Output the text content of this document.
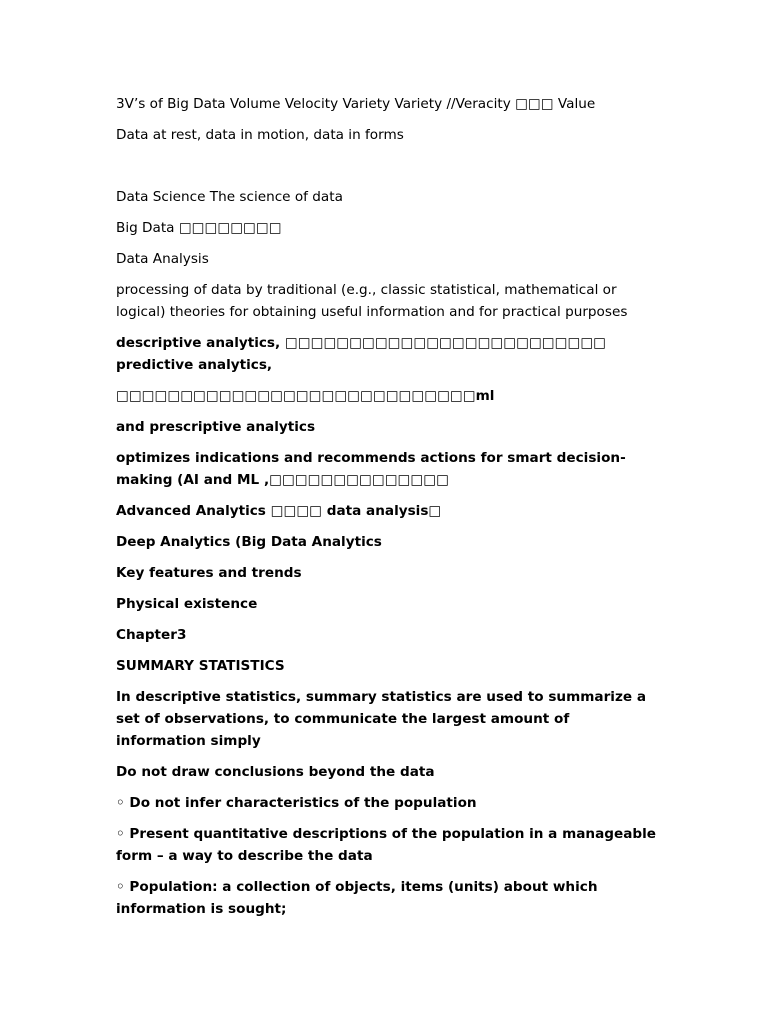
3V’s of Big Data Volume Velocity Variety Variety //Veracity □□□ Value

Data at rest, data in motion, data in forms

Data Science The science of data

Big Data □□□□□□□□

Data Analysis

processing of data by traditional (e.g., classic statistical, mathematical or logical) theories for obtaining useful information and for practical purposes

descriptive analytics, □□□□□□□□□□□□□□□□□□□□□□□□□ predictive analytics,

□□□□□□□□□□□□□□□□□□□□□□□□□□□□ml

and prescriptive analytics

optimizes indications and recommends actions for smart decision-making (AI and ML ,□□□□□□□□□□□□□□

Advanced Analytics □□□□ data analysis□

Deep Analytics (Big Data Analytics

Key features and trends

Physical existence

Chapter3

SUMMARY STATISTICS

In descriptive statistics, summary statistics are used to summarize a set of observations, to communicate the largest amount of information simply

Do not draw conclusions beyond the data

◦ Do not infer characteristics of the population

◦ Present quantitative descriptions of the population in a manageable form – a way to describe the data

◦ Population: a collection of objects, items (units) about which information is sought;
